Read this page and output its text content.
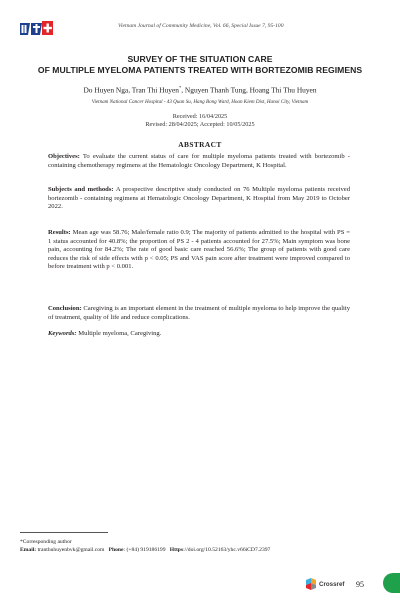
Vietnam Journal of Community Medicine, Vol. 66, Special Issue 7, 95-100
SURVEY OF THE SITUATION CARE
OF MULTIPLE MYELOMA PATIENTS TREATED WITH BORTEZOMIB REGIMENS
Do Huyen Nga, Tran Thi Huyen*, Nguyen Thanh Tung, Hoang Thi Thu Huyen
Vietnam National Cancer Hospital - 43 Quan Su, Hang Bong Ward, Hoan Kiem Dist, Hanoi City, Vietnam
Received: 16/04/2025
Revised: 28/04/2025; Accepted: 10/05/2025
ABSTRACT
Objectives: To evaluate the current status of care for multiple myeloma patients treated with bortezomib - containing chemotherapy regimens at the Hematologic Oncology Department, K Hospital.
Subjects and methods: A prospective descriptive study conducted on 76 Multiple myeloma patients received bortezomib - containing regimens at Hematologic Oncology Department, K Hospital from May 2019 to October 2022.
Results: Mean age was 58.76; Male/female ratio 0.9; The majority of patients admitted to the hospital with PS = 1 status accounted for 40.8%; the proportion of PS 2 - 4 patients accounted for 27.5%; Main symptom was bone pain, accounting for 84.2%; The rate of good basic care reached 56.6%; The group of patients with good care reduces the risk of side effects with p < 0.05; PS and VAS pain score after treatment were improved compared to before treatment with p < 0.001.
Conclusion: Caregiving is an important element in the treatment of multiple myeloma to help improve the quality of treatment, quality of life and reduce complications.
Keywords: Multiple myeloma, Caregiving.
*Corresponding author
Email: tranthuhuyenbvk@gmail.com Phone: (+84) 919186199 Https://doi.org/10.52163/yhc.v66iCD7.2397
Crossref 95
